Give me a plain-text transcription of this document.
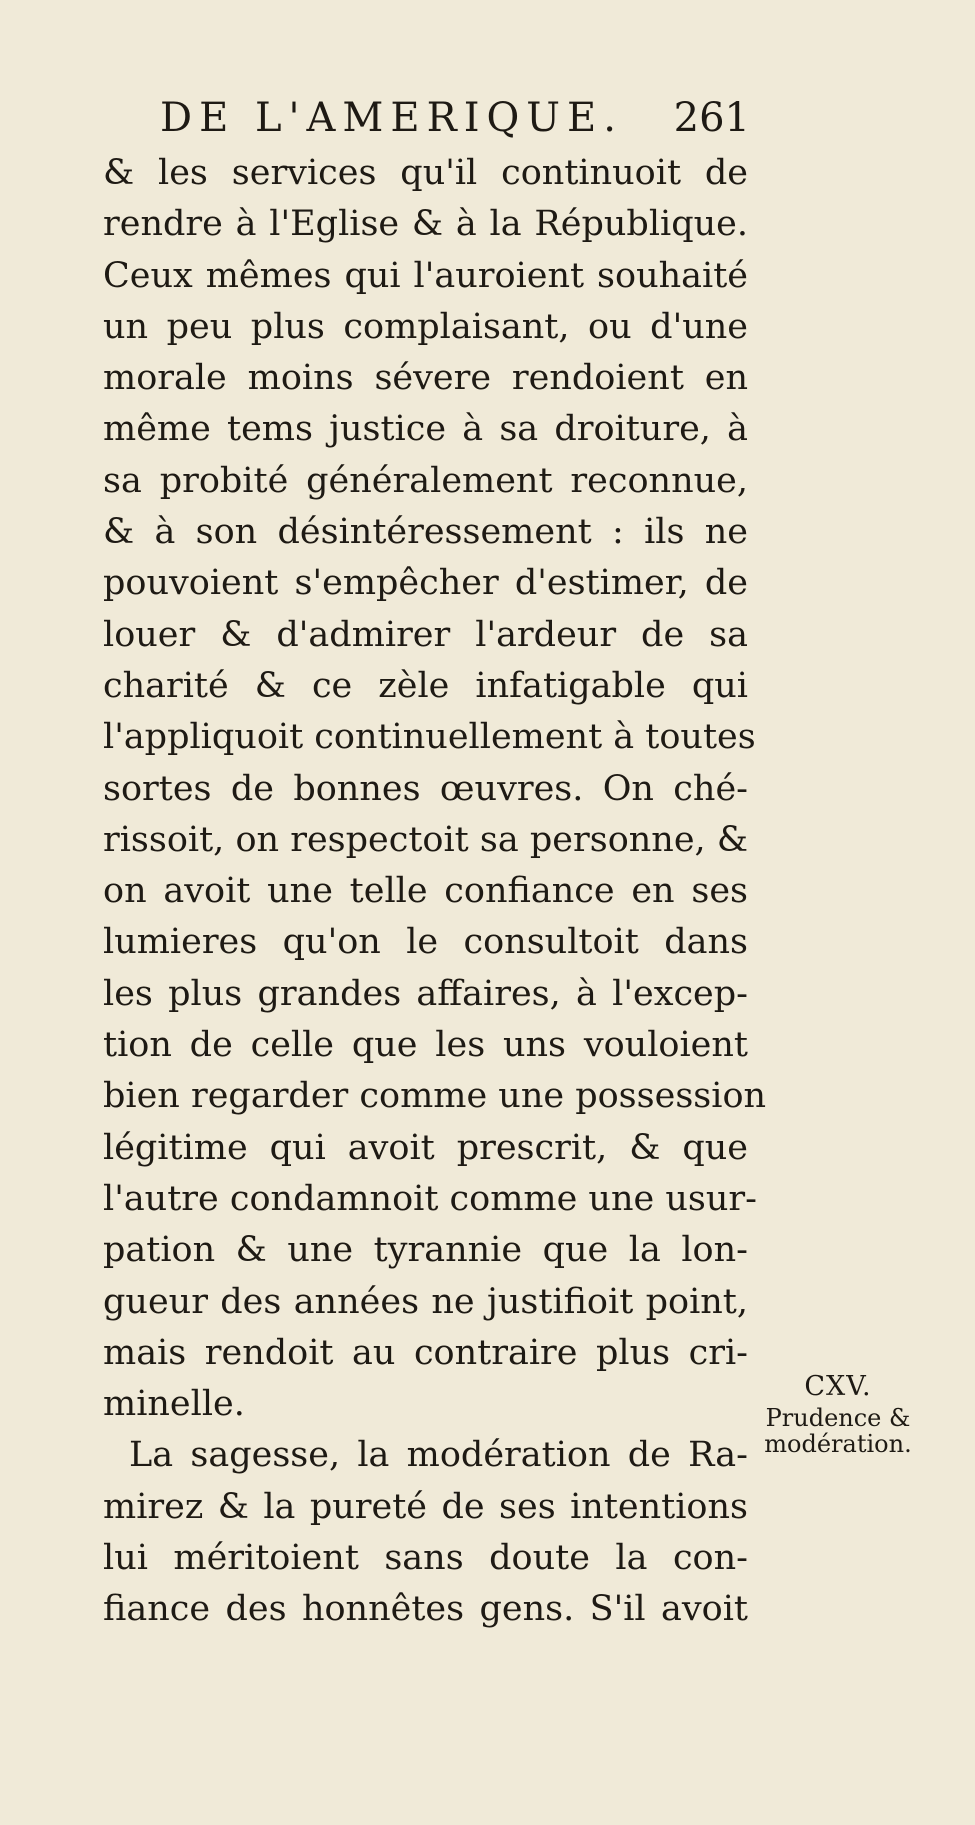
DE L'AMERIQUE. 261
& les services qu'il continuoit de
rendre à l'Eglise & à la République.
Ceux mêmes qui l'auroient souhaité
un peu plus complaisant, ou d'une
morale moins sévere rendoient en
même tems justice à sa droiture, à
sa probité généralement reconnue,
& à son désintéressement : ils ne
pouvoient s'empêcher d'estimer, de
louer & d'admirer l'ardeur de sa
charité & ce zèle infatigable qui
l'appliquoit continuellement à toutes
sortes de bonnes œuvres. On ché-
rissoit, on respectoit sa personne, &
on avoit une telle confiance en ses
lumieres qu'on le consultoit dans
les plus grandes affaires, à l'excep-
tion de celle que les uns vouloient
bien regarder comme une possession
légitime qui avoit prescrit, & que
l'autre condamnoit comme une usur-
pation & une tyrannie que la lon-
gueur des années ne justifioit point,
mais rendoit au contraire plus cri-
minelle.
La sagesse, la modération de Ra-
mirez & la pureté de ses intentions
lui méritoient sans doute la con-
fiance des honnêtes gens. S'il avoit
CXV.
Prudence & modération.
